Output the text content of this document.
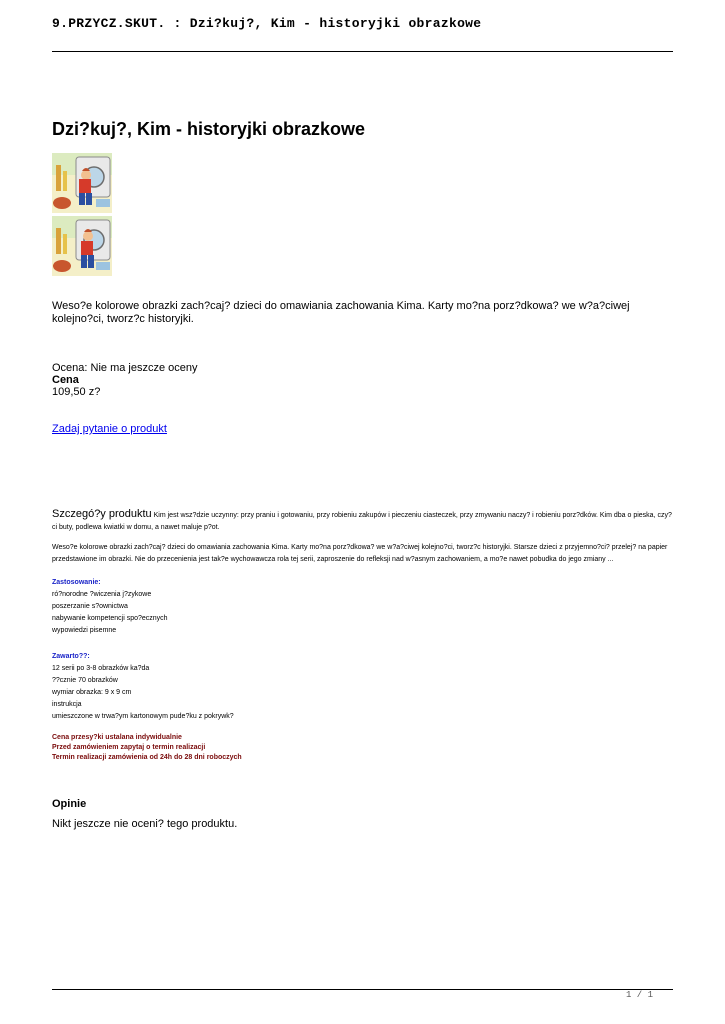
9.PRZYCZ.SKUT. : Dzi?kuj?, Kim - historyjki obrazkowe
Dzi?kuj?, Kim - historyjki obrazkowe

Weso?e kolorowe obrazki zach?caj? dzieci do omawiania zachowania Kima. Karty mo?na porz?dkowa? we w?a?ciwej kolejno?ci, tworz?c historyjki.

Ocena: Nie ma jeszcze oceny
Cena
109,50 z?
Zadaj pytanie o produkt
Szczegó?y produktu Kim jest wsz?dzie uczynny: przy praniu i gotowaniu, przy robieniu zakupów i pieczeniu ciasteczek, przy zmywaniu naczy? i robieniu porz?dków. Kim dba o pieska, czy?ci buty, podlewa kwiatki w domu, a nawet maluje p?ot.
Weso?e kolorowe obrazki zach?caj? dzieci do omawiania zachowania Kima. Karty mo?na porz?dkowa? we w?a?ciwej kolejno?ci, tworz?c historyjki. Starsze dzieci z przyjemno?ci? przelej? na papier przedstawione im obrazki. Nie do przecenienia jest tak?e wychowawcza rola tej serii, zaproszenie do refleksji nad w?asnym zachowaniem, a mo?e nawet pobudka do jego zmiany ...
Zastosowanie:
ró?norodne ?wiczenia j?zykowe
poszerzanie s?ownictwa
nabywanie kompetencji spo?ecznych
wypowiedzi pisemne
Zawarto??:
12 serii po 3-8 obrazków ka?da
??cznie 70 obrazków
wymiar obrazka: 9 x 9 cm
instrukcja
umieszczone w trwa?ym kartonowym pude?ku z pokrywk?
Cena przesy?ki ustalana indywidualnie
Przed zamówieniem zapytaj o termin realizacji
Termin realizacji zamówienia od 24h do 28 dni roboczych
Opinie
Nikt jeszcze nie oceni? tego produktu.
1 / 1
